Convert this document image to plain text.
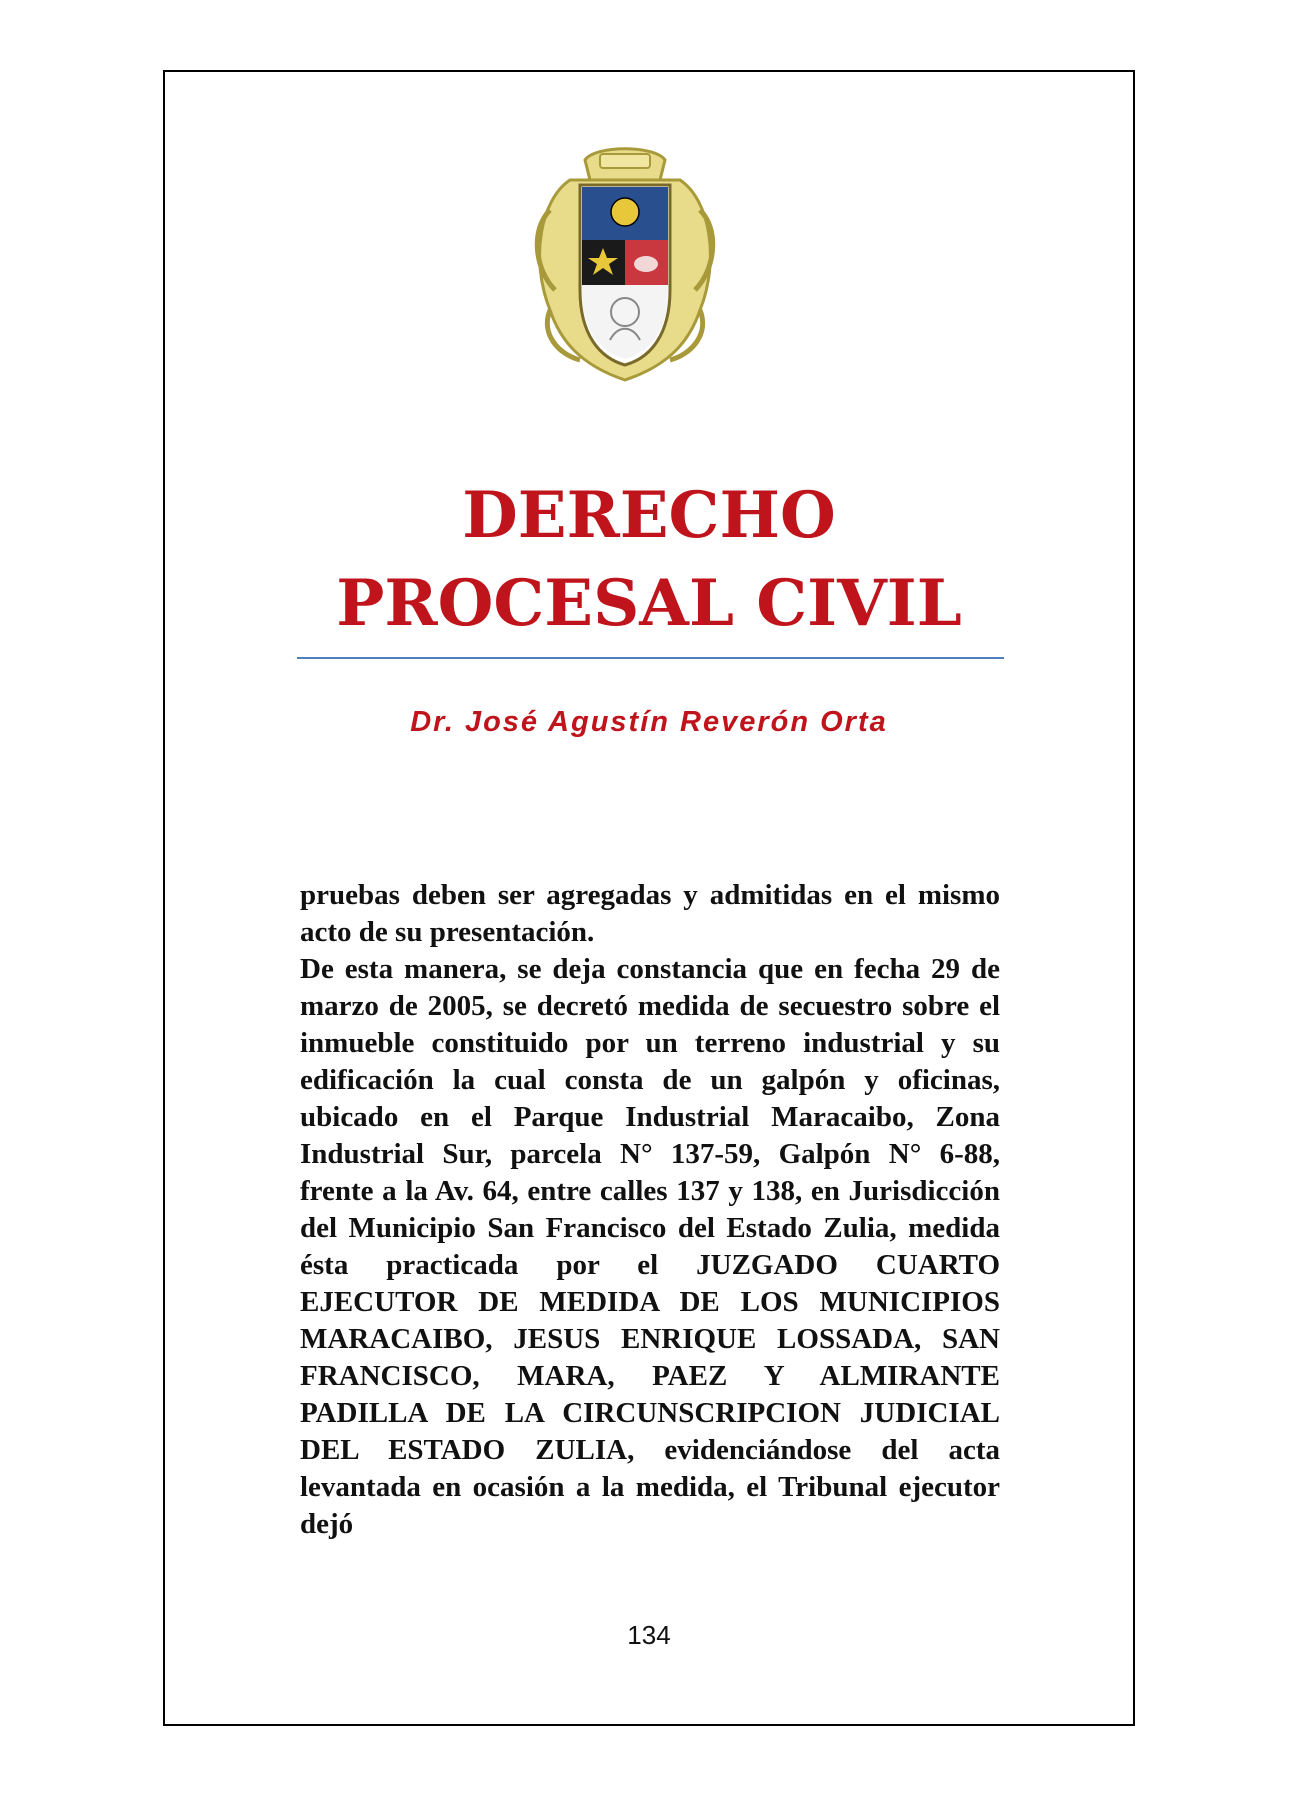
DERECHO
PROCESAL CIVIL
Dr. José Agustín Reverón Orta

pruebas deben ser agregadas y admitidas en el mismo acto de su presentación.

De esta manera, se deja constancia que en fecha 29 de marzo de 2005, se decretó medida de secuestro sobre el inmueble constituido por un terreno industrial y su edificación la cual consta de un galpón y oficinas, ubicado en el Parque Industrial Maracaibo, Zona Industrial Sur, parcela N° 137-59, Galpón N° 6-88, frente a la Av. 64, entre calles 137 y 138, en Jurisdicción del Municipio San Francisco del Estado Zulia, medida ésta practicada por el JUZGADO CUARTO EJECUTOR DE MEDIDA DE LOS MUNICIPIOS MARACAIBO, JESUS ENRIQUE LOSSADA, SAN FRANCISCO, MARA, PAEZ Y ALMIRANTE PADILLA DE LA CIRCUNSCRIPCION JUDICIAL DEL ESTADO ZULIA, evidenciándose del acta levantada en ocasión a la medida, el Tribunal ejecutor dejó

134
